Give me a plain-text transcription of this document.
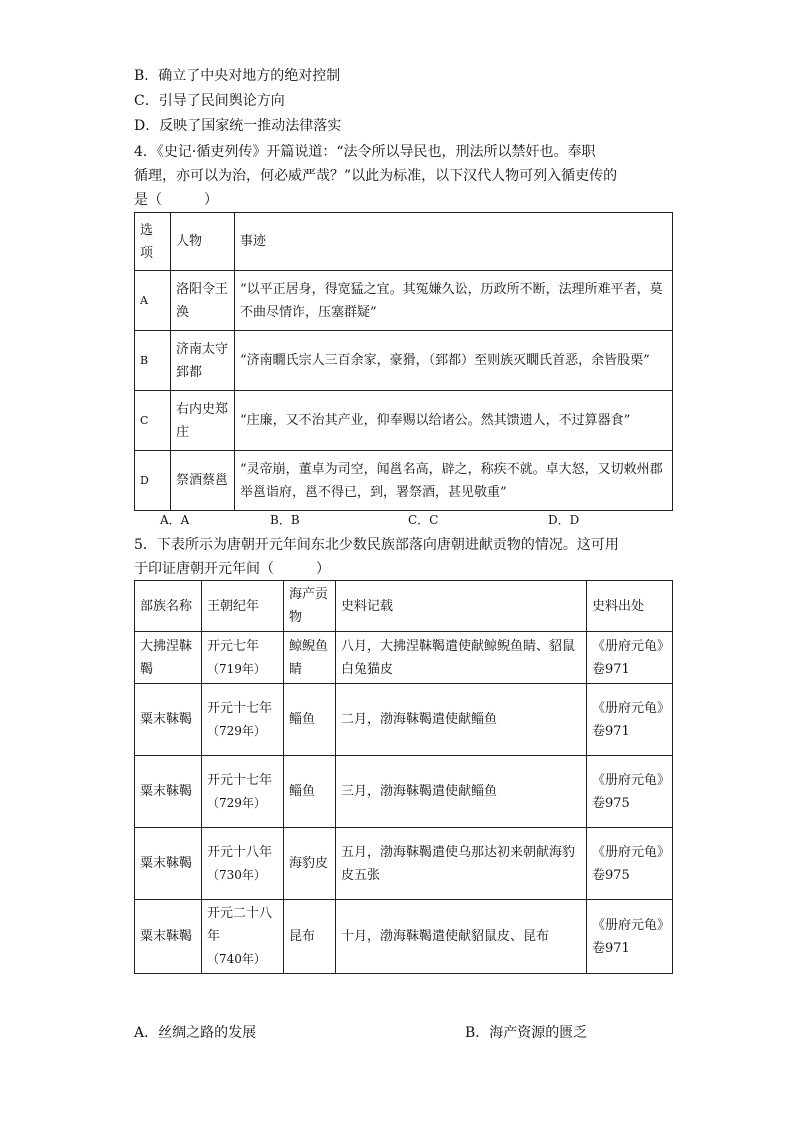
B．确立了中央对地方的绝对控制
C．引导了民间舆论方向
D．反映了国家统一推动法律落实
4．《史记·循吏列传》开篇说道：“法令所以导民也，刑法所以禁奸也。奉职
循理，亦可以为治，何必威严哉？”以此为标准，以下汉代人物可列入循吏传的
是（　　　）
选项	人物	事迹
A	洛阳令王涣	“以平正居身，得宽猛之宜。其冤嫌久讼，历政所不断，法理所难平者，莫不曲尽情诈，压塞群疑”
B	济南太守郅都	“济南瞯氏宗人三百余家，豪猾，（郅都）至则族灭瞯氏首恶，余皆股栗”
C	右内史郑庄	“庄廉，又不治其产业，仰奉赐以给诸公。然其馈遗人，不过算器食”
D	祭酒蔡邕	“灵帝崩，董卓为司空，闻邕名高，辟之，称疾不就。卓大怒，又切敕州郡举邕诣府，邕不得已，到，署祭酒，甚见敬重”
A．A	B．B	C．C	D．D
5．下表所示为唐朝开元年间东北少数民族部落向唐朝进献贡物的情况。这可用
于印证唐朝开元年间（　　　）
部族名称	王朝纪年	海产贡物	史料记载	史料出处
大拂涅靺鞨	开元七年
（719年）	鲸鲵鱼睛	八月，大拂涅靺鞨遣使献鲸鲵鱼睛、貂鼠白兔猫皮	《册府元龟》卷971
粟末靺鞨	开元十七年
（729年）	鲻鱼	二月，渤海靺鞨遣使献鲻鱼	《册府元龟》卷971
粟末靺鞨	开元十七年
（729年）	鲻鱼	三月，渤海靺鞨遣使献鲻鱼	《册府元龟》卷975
粟末靺鞨	开元十八年
（730年）	海豹皮	五月，渤海靺鞨遣使乌那达初来朝献海豹皮五张	《册府元龟》卷975
粟末靺鞨	开元二十八年
（740年）	昆布	十月，渤海靺鞨遣使献貂鼠皮、昆布	《册府元龟》卷971
A．丝绸之路的发展	B．海产资源的匮乏
